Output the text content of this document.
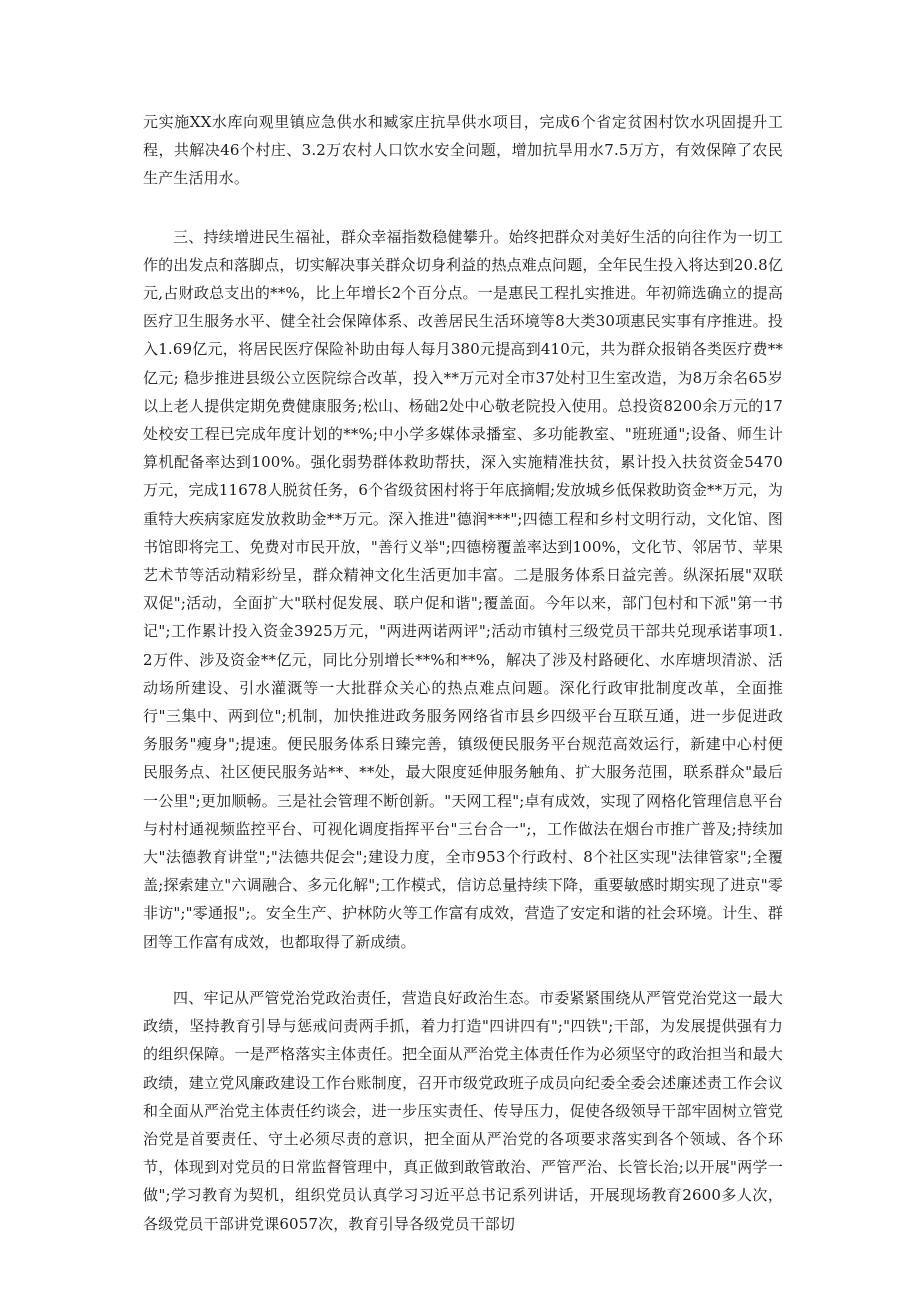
元实施XX水库向观里镇应急供水和臧家庄抗旱供水项目，完成6个省定贫困村饮水巩固提升工程，共解决46个村庄、3.2万农村人口饮水安全问题，增加抗旱用水7.5万方，有效保障了农民生产生活用水。

三、持续增进民生福祉，群众幸福指数稳健攀升。始终把群众对美好生活的向往作为一切工作的出发点和落脚点，切实解决事关群众切身利益的热点难点问题，全年民生投入将达到20.8亿元,占财政总支出的**%，比上年增长2个百分点。一是惠民工程扎实推进。年初筛选确立的提高医疗卫生服务水平、健全社会保障体系、改善居民生活环境等8大类30项惠民实事有序推进。投入1.69亿元，将居民医疗保险补助由每人每月380元提高到410元，共为群众报销各类医疗费**亿元; 稳步推进县级公立医院综合改革，投入**万元对全市37处村卫生室改造，为8万余名65岁以上老人提供定期免费健康服务;松山、杨础2处中心敬老院投入使用。总投资8200余万元的17处校安工程已完成年度计划的**%;中小学多媒体录播室、多功能教室、"班班通";设备、师生计算机配备率达到100%。强化弱势群体救助帮扶，深入实施精准扶贫，累计投入扶贫资金5470万元，完成11678人脱贫任务，6个省级贫困村将于年底摘帽;发放城乡低保救助资金**万元，为重特大疾病家庭发放救助金**万元。深入推进"德润***";四德工程和乡村文明行动，文化馆、图书馆即将完工、免费对市民开放，"善行义举";四德榜覆盖率达到100%，文化节、邻居节、苹果艺术节等活动精彩纷呈，群众精神文化生活更加丰富。二是服务体系日益完善。纵深拓展"双联双促";活动，全面扩大"联村促发展、联户促和谐";覆盖面。今年以来，部门包村和下派"第一书记";工作累计投入资金3925万元，"两进两诺两评";活动市镇村三级党员干部共兑现承诺事项1.2万件、涉及资金**亿元，同比分别增长**%和**%，解决了涉及村路硬化、水库塘坝清淤、活动场所建设、引水灌溉等一大批群众关心的热点难点问题。深化行政审批制度改革，全面推行"三集中、两到位";机制，加快推进政务服务网络省市县乡四级平台互联互通，进一步促进政务服务"瘦身";提速。便民服务体系日臻完善，镇级便民服务平台规范高效运行，新建中心村便民服务点、社区便民服务站**、**处，最大限度延伸服务触角、扩大服务范围，联系群众"最后一公里";更加顺畅。三是社会管理不断创新。"天网工程";卓有成效，实现了网格化管理信息平台与村村通视频监控平台、可视化调度指挥平台"三台合一";，工作做法在烟台市推广普及;持续加大"法德教育讲堂";"法德共促会";建设力度，全市953个行政村、8个社区实现"法律管家";全覆盖;探索建立"六调融合、多元化解";工作模式，信访总量持续下降，重要敏感时期实现了进京"零非访";"零通报";。安全生产、护林防火等工作富有成效，营造了安定和谐的社会环境。计生、群团等工作富有成效，也都取得了新成绩。

四、牢记从严管党治党政治责任，营造良好政治生态。市委紧紧围绕从严管党治党这一最大政绩，坚持教育引导与惩戒问责两手抓，着力打造"四讲四有";"四铁";干部，为发展提供强有力的组织保障。一是严格落实主体责任。把全面从严治党主体责任作为必须坚守的政治担当和最大政绩，建立党风廉政建设工作台账制度，召开市级党政班子成员向纪委全委会述廉述责工作会议和全面从严治党主体责任约谈会，进一步压实责任、传导压力，促使各级领导干部牢固树立管党治党是首要责任、守土必须尽责的意识，把全面从严治党的各项要求落实到各个领域、各个环节，体现到对党员的日常监督管理中，真正做到敢管敢治、严管严治、长管长治;以开展"两学一做";学习教育为契机，组织党员认真学习习近平总书记系列讲话，开展现场教育2600多人次，各级党员干部讲党课6057次，教育引导各级党员干部切
